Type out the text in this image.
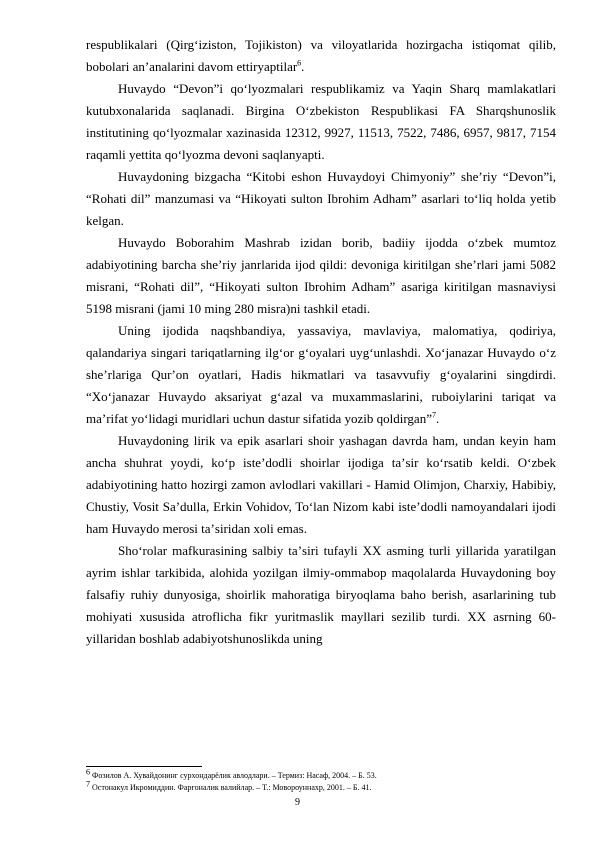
respublikalari (Qirgʻiziston, Tojikiston) va viloyatlarida hozirgacha istiqomat qilib, bobolari anʼanalarini davom ettiryaptilar$^6$.

Huvaydo “Devon”i qoʻlyozmalari respublikamiz va Yaqin Sharq mamlakatlari kutubxonalarida saqlanadi. Birgina Oʻzbekiston Respublikasi FA Sharqshunoslik institutining qoʻlyozmalar xazinasida 12312, 9927, 11513, 7522, 7486, 6957, 9817, 7154 raqamli yettita qoʻlyozma devoni saqlanyapti.

Huvaydoning bizgacha “Kitobi eshon Huvaydoyi Chimyoniy” sheʼriy “Devon”i, “Rohati dil” manzumasi va “Hikoyati sulton Ibrohim Adham” asarlari toʻliq holda yetib kelgan.

Huvaydo Boborahim Mashrab izidan borib, badiiy ijodda oʻzbek mumtoz adabiyotining barcha sheʼriy janrlarida ijod qildi: devoniga kiritilgan sheʼrlari jami 5082 misrani, “Rohati dil”, “Hikoyati sulton Ibrohim Adham” asariga kiritilgan masnaviysi 5198 misrani (jami 10 ming 280 misra)ni tashkil etadi.

Uning ijodida naqshbandiya, yassaviya, mavlaviya, malomatiya, qodiriya, qalandariya singari tariqatlarning ilgʻor gʻoyalari uygʻunlashdi. Xoʻjanazar Huvaydo oʻz sheʼrlariga Qurʼon oyatlari, Hadis hikmatlari va tasavvufiy gʻoyalarini singdirdi. “Xoʻjanazar Huvaydo aksariyat gʻazal va muxammaslarini, ruboiylarini tariqat va maʼrifat yoʻlidagi muridlari uchun dastur sifatida yozib qoldirgan”$^7$.

Huvaydoning lirik va epik asarlari shoir yashagan davrda ham, undan keyin ham ancha shuhrat yoydi, koʻp isteʼdodli shoirlar ijodiga taʼsir koʻrsatib keldi. Oʻzbek adabiyotining hatto hozirgi zamon avlodlari vakillari - Hamid Olimjon, Charxiy, Habibiy, Chustiy, Vosit Saʼdulla, Erkin Vohidov, Toʻlan Nizom kabi isteʼdodli namoyandalari ijodi ham Huvaydo merosi taʼsiridan xoli emas.

Shoʻrolar mafkurasining salbiy taʼsiri tufayli XX asming turli yillarida yaratilgan ayrim ishlar tarkibida, alohida yozilgan ilmiy-ommabop maqolalarda Huvaydoning boy falsafiy ruhiy dunyosiga, shoirlik mahoratiga biryoqlama baho berish, asarlarining tub mohiyati xususida atroflicha fikr yuritmaslik mayllari sezilib turdi. XX asrning 60-yillaridan boshlab adabiyotshunoslikda uning

$^6$ Фозилов А. Хувайдонинг сурхондарёлик авлодлари. – Термиз: Насаф, 2004. – Б. 53.

$^7$ Остонакул Икромиддин. Фарғоналик валийлар. – Т.: Мовороуннахр, 2001. – Б. 41.

9
